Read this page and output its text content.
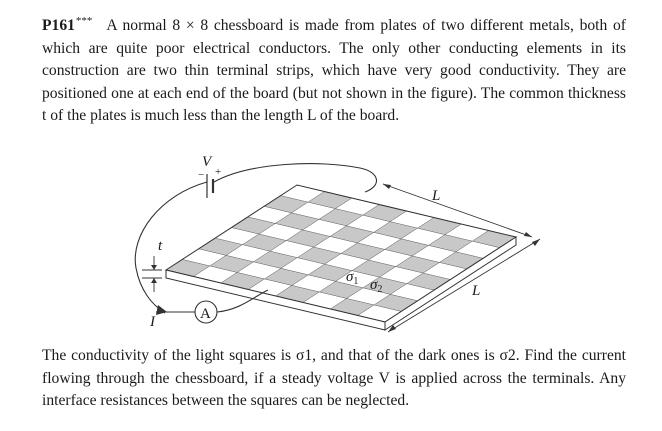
P161*** A normal 8 × 8 chessboard is made from plates of two different metals, both of which are quite poor electrical conductors. The only other conducting elements in its construction are two thin terminal strips, which have very good conductivity. They are positioned one at each end of the board (but not shown in the figure). The common thickness t of the plates is much less than the length L of the board.
− +
V
A
I
t
L
L
$\sigma_1$ $\sigma_2$
The conductivity of the light squares is σ1, and that of the dark ones is σ2. Find the current flowing through the chessboard, if a steady voltage V is applied across the terminals. Any interface resistances between the squares can be neglected.
